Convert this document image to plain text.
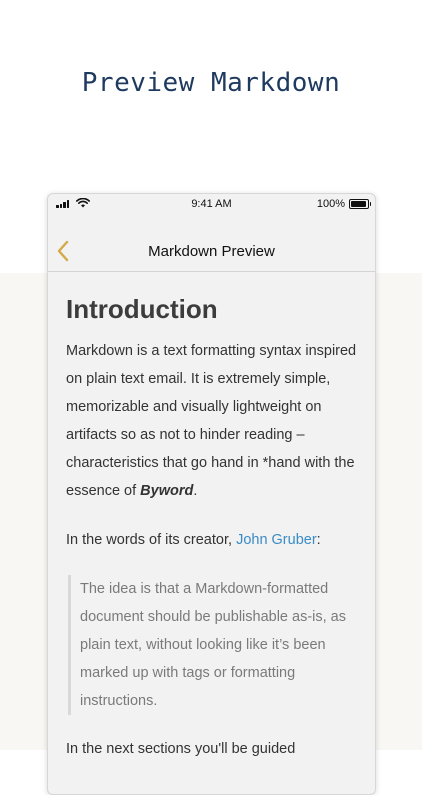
Preview Markdown
9:41 AM	100%
Markdown Preview
Introduction

Markdown is a text formatting syntax inspired on plain text email. It is extremely simple, memorizable and visually lightweight on artifacts so as not to hinder reading – characteristics that go hand in *hand with the essence of Byword.

In the words of its creator, John Gruber:
The idea is that a Markdown-formatted document should be publishable as-is, as plain text, without looking like it’s been marked up with tags or formatting instructions.
In the next sections you'll be guided
